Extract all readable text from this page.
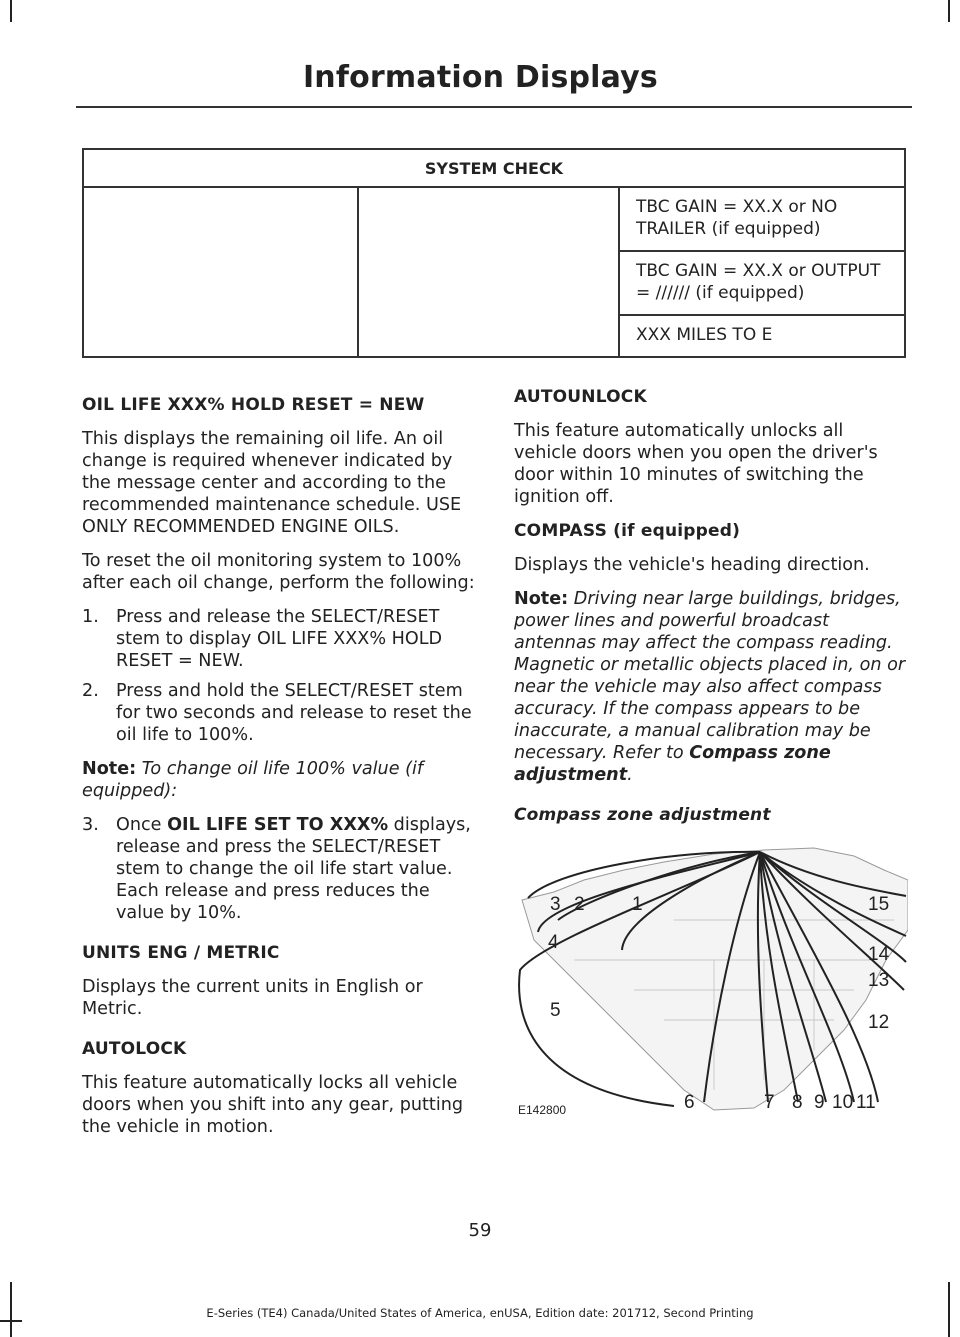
Information Displays
SYSTEM CHECK
		TBC GAIN = XX.X or NO TRAILER (if equipped)
TBC GAIN = XX.X or OUTPUT = ////// (if equipped)
XXX MILES TO E
OIL LIFE XXX% HOLD RESET = NEW

This displays the remaining oil life. An oil change is required whenever indicated by the message center and according to the recommended maintenance schedule. USE ONLY RECOMMENDED ENGINE OILS.

To reset the oil monitoring system to 100% after each oil change, perform the following:

1. Press and release the SELECT/RESET stem to display OIL LIFE XXX% HOLD RESET = NEW.
2. Press and hold the SELECT/RESET stem for two seconds and release to reset the oil life to 100%.

Note: To change oil life 100% value (if equipped):

3. Once OIL LIFE SET TO XXX% displays, release and press the SELECT/RESET stem to change the oil life start value. Each release and press reduces the value by 10%.
UNITS ENG / METRIC

Displays the current units in English or Metric.

AUTOLOCK

This feature automatically locks all vehicle doors when you shift into any gear, putting the vehicle in motion.

AUTOUNLOCK

This feature automatically unlocks all vehicle doors when you open the driver's door within 10 minutes of switching the ignition off.

COMPASS (if equipped)

Displays the vehicle's heading direction.

Note: Driving near large buildings, bridges, power lines and powerful broadcast antennas may affect the compass reading. Magnetic or metallic objects placed in, on or near the vehicle may also affect compass accuracy. If the compass appears to be inaccurate, a manual calibration may be necessary. Refer to Compass zone adjustment.

Compass zone adjustment
1
2
3
4
5
6	7 8 9 10 11
12
13
14
15
E142800
59
E-Series (TE4) Canada/United States of America, enUSA, Edition date: 201712, Second Printing
